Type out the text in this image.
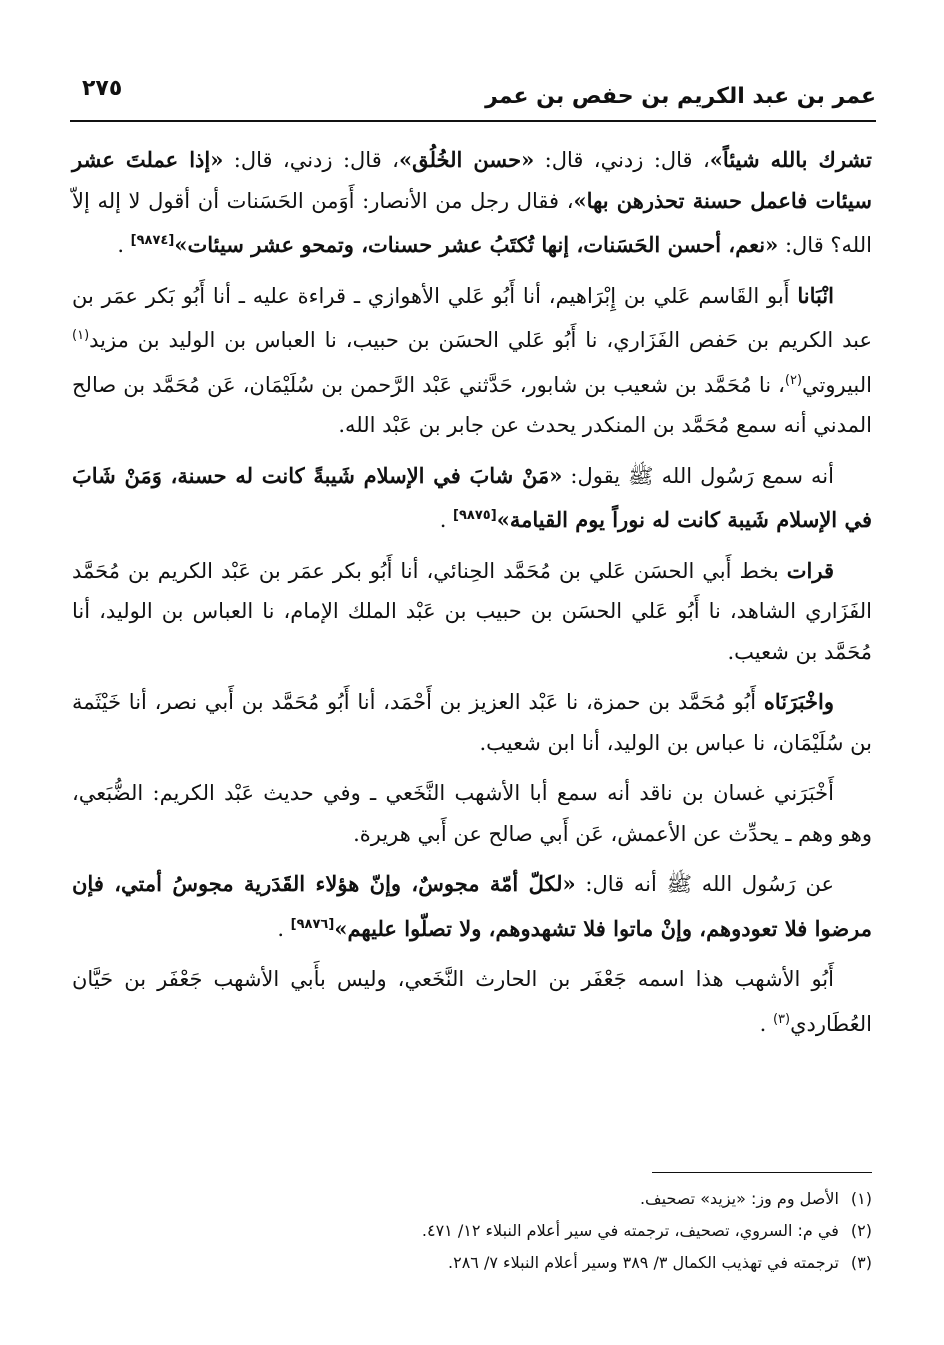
عمر بن عبد الكريم بن حفص بن عمر
٢٧٥

تشرك بالله شيئاً»، قال: زدني، قال: «حسن الخُلُق»، قال: زدني، قال: «إذا عملتَ عشر سيئات فاعمل حسنة تحذرهن بها»، فقال رجل من الأنصار: أَوَمن الحَسَنات أن أقول لا إله إلاّ الله؟ قال: «نعم، أحسن الحَسَنات، إنها تُكتَبُ عشر حسنات، وتمحو عشر سيئات»[٩٨٧٤] .

انْبَانا أَبو القَاسم عَلي بن إِبْرَاهيم، أنا أَبُو عَلي الأهوازي ـ قراءة عليه ـ أنا أَبُو بَكر عمَر بن عبد الكريم بن حَفص الفَزَاري، نا أَبُو عَلي الحسَن بن حبيب، نا العباس بن الوليد بن مزيد$^{(١)}$ البيروتي$^{(٢)}$، نا مُحَمَّد بن شعيب بن شابور، حَدَّثني عَبْد الرَّحمن بن سُلَيْمَان، عَن مُحَمَّد بن صالح المدني أنه سمع مُحَمَّد بن المنكدر يحدث عن جابر بن عَبْد الله.

أنه سمع رَسُول الله ﷺ يقول: «مَنْ شابَ في الإسلام شَيبةً كانت له حسنة، وَمَنْ شَابَ في الإسلام شَيبة كانت له نوراً يوم القيامة»[٩٨٧٥] .

قرات بخط أَبي الحسَن عَلي بن مُحَمَّد الحِنائي، أنا أَبُو بكر عمَر بن عَبْد الكريم بن مُحَمَّد الفَزَاري الشاهد، نا أَبُو عَلي الحسَن بن حبيب بن عَبْد الملك الإمام، نا العباس بن الوليد، أنا مُحَمَّد بن شعيب.

واخْبَرَنَاه أَبُو مُحَمَّد بن حمزة، نا عَبْد العزيز بن أَحْمَد، أنا أَبُو مُحَمَّد بن أَبي نصر، أنا خَيْثَمة بن سُلَيْمَان، نا عباس بن الوليد، أنا ابن شعيب.

أَخْبَرَني غسان بن ناقد أنه سمع أبا الأشهب النَّخَعي ـ وفي حديث عَبْد الكريم: الضُّبَعي، وهو وهم ـ يحدِّث عن الأعمش، عَن أَبي صالح عن أَبي هريرة.

عن رَسُول الله ﷺ أنه قال: «لكلّ أمّة مجوسٌ، وإنّ هؤلاء القَدَرية مجوسُ أمتي، فإن مرضوا فلا تعودوهم، وإنْ ماتوا فلا تشهدوهم، ولا تصلّوا عليهم»[٩٨٧٦] .

أَبُو الأشهب هذا اسمه جَعْفَر بن الحارث النَّخَعي، وليس بأَبي الأشهب جَعْفَر بن حَيَّان العُطَاردي$^{(٣)}$ .

(١)الأصل وم وز: «يزيد» تصحيف.
(٢)في م: السروي، تصحيف، ترجمته في سير أعلام النبلاء ١٢/ ٤٧١.
(٣)ترجمته في تهذيب الكمال ٣/ ٣٨٩ وسير أعلام النبلاء ٧/ ٢٨٦.
